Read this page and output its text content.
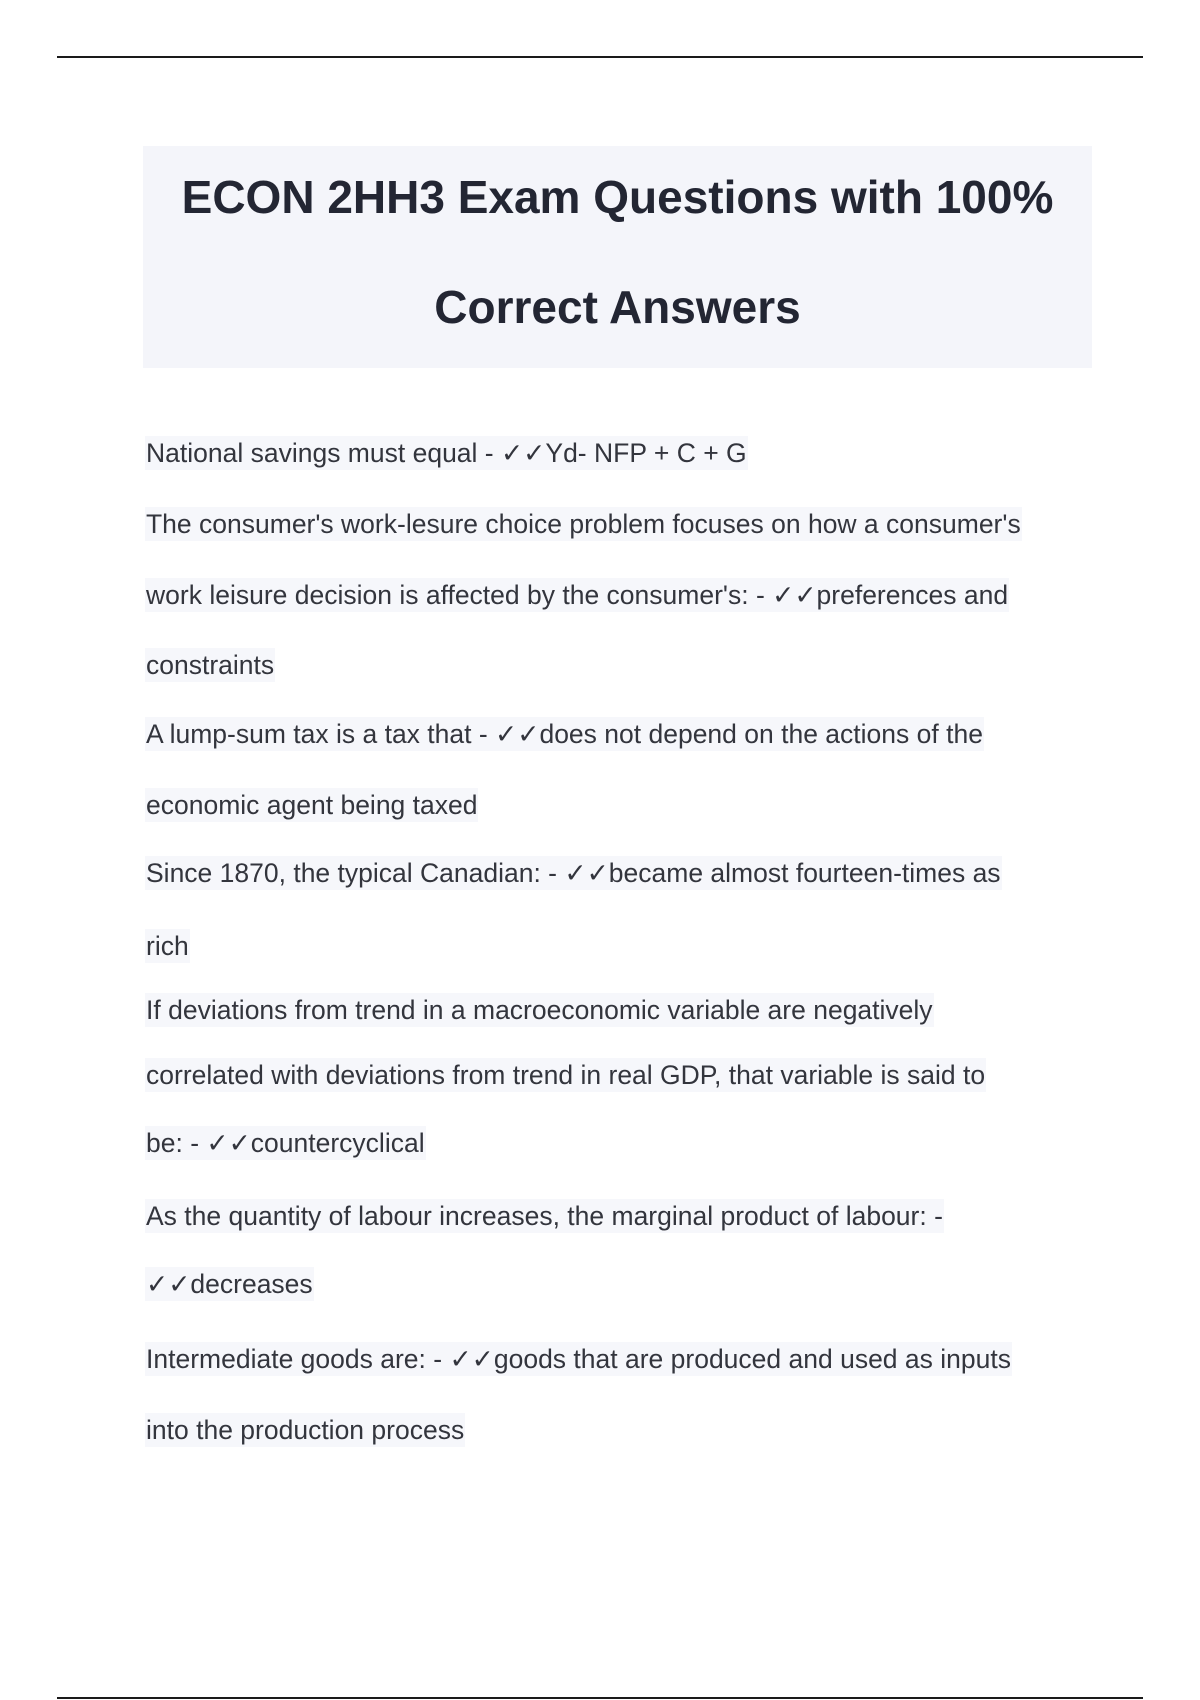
ECON 2HH3 Exam Questions with 100%
Correct Answers
National savings must equal - ✓✓Yd- NFP + C + G
The consumer's work-lesure choice problem focuses on how a consumer's
work leisure decision is affected by the consumer's: - ✓✓preferences and
constraints
A lump-sum tax is a tax that - ✓✓does not depend on the actions of the
economic agent being taxed
Since 1870, the typical Canadian: - ✓✓became almost fourteen-times as
rich
If deviations from trend in a macroeconomic variable are negatively
correlated with deviations from trend in real GDP, that variable is said to
be: - ✓✓countercyclical
As the quantity of labour increases, the marginal product of labour: -
✓✓decreases
Intermediate goods are: - ✓✓goods that are produced and used as inputs
into the production process
